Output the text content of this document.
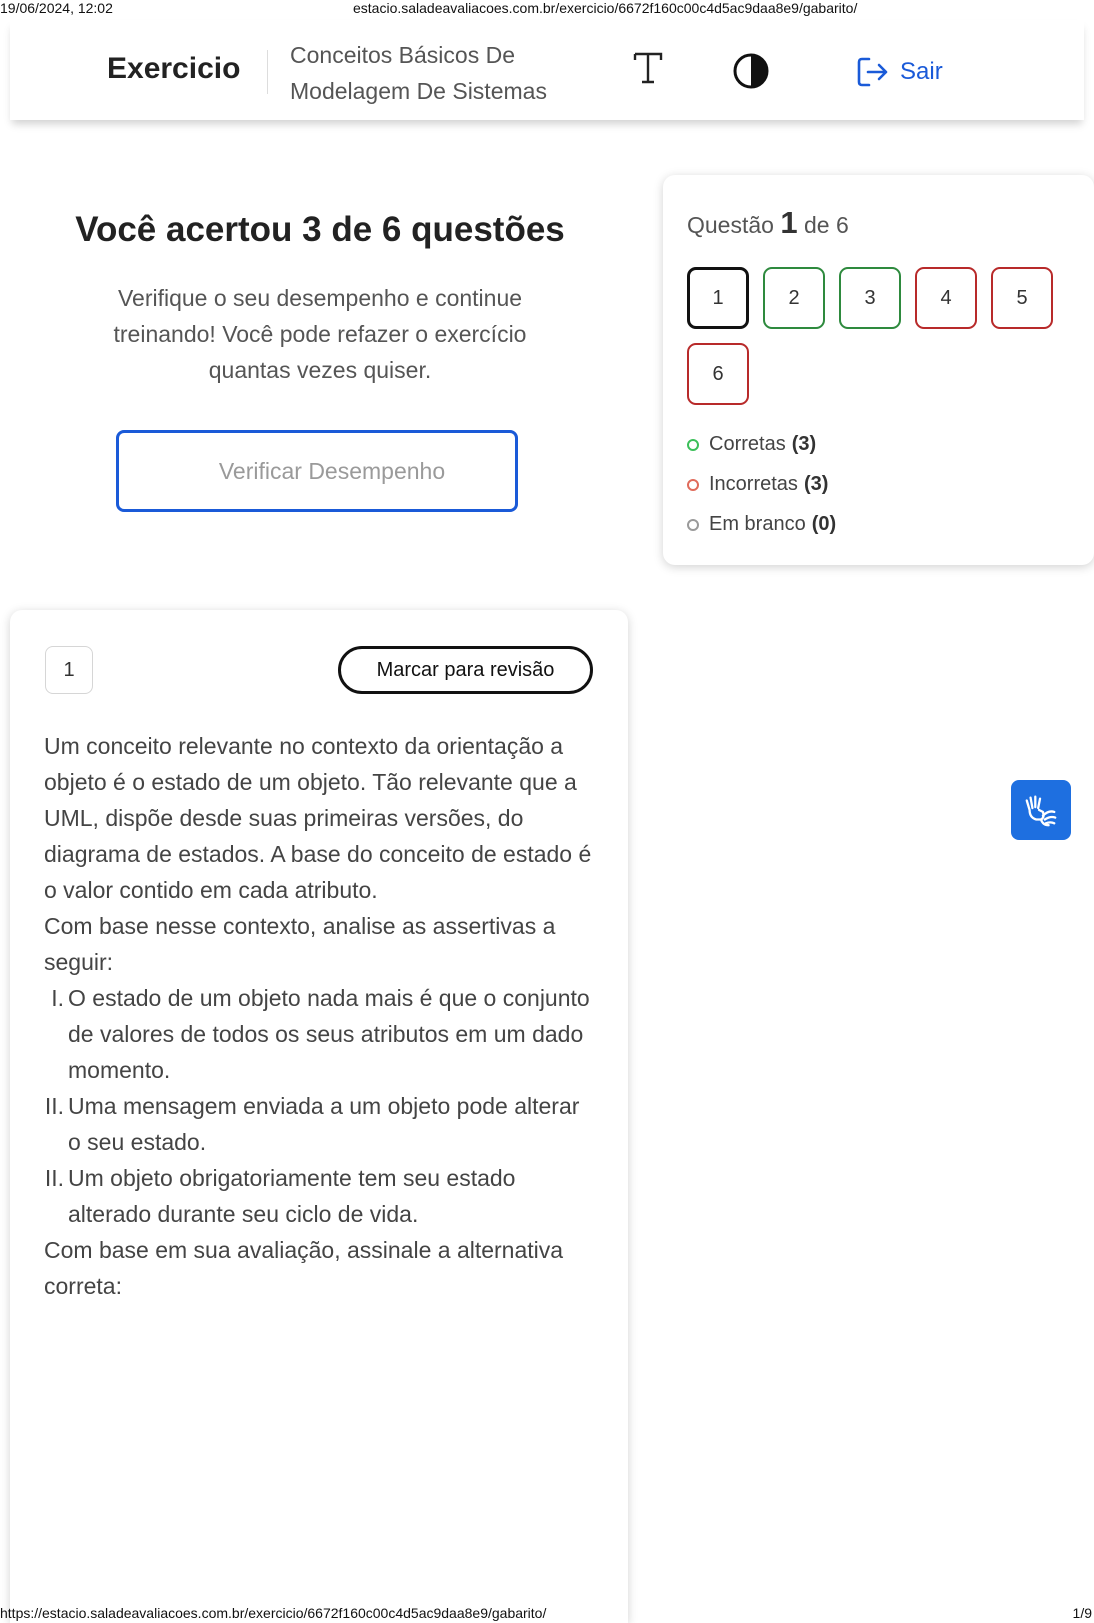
19/06/2024, 12:02	estacio.saladeavaliacoes.com.br/exercicio/6672f160c00c4d5ac9daa8e9/gabarito/
Exercicio Conceitos Básicos De
Modelagem De Sistemas
Sair
Você acertou 3 de 6 questões

Verifique o seu desempenho e continue treinando! Você pode refazer o exercício quantas vezes quiser.

Verificar Desempenho
Questão 1 de 6
1	2	3	4	5
6
Corretas (3)
Incorretas (3)
Em branco (0)
1	Marcar para revisão
Um conceito relevante no contexto da orientação a objeto é o estado de um objeto. Tão relevante que a UML, dispõe desde suas primeiras versões, do diagrama de estados. A base do conceito de estado é o valor contido em cada atributo.
Com base nesse contexto, analise as assertivas a seguir:
I. O estado de um objeto nada mais é que o conjunto de valores de todos os seus atributos em um dado momento.
II. Uma mensagem enviada a um objeto pode alterar o seu estado.
II. Um objeto obrigatoriamente tem seu estado alterado durante seu ciclo de vida.
Com base em sua avaliação, assinale a alternativa correta:
https://estacio.saladeavaliacoes.com.br/exercicio/6672f160c00c4d5ac9daa8e9/gabarito/	1/9
